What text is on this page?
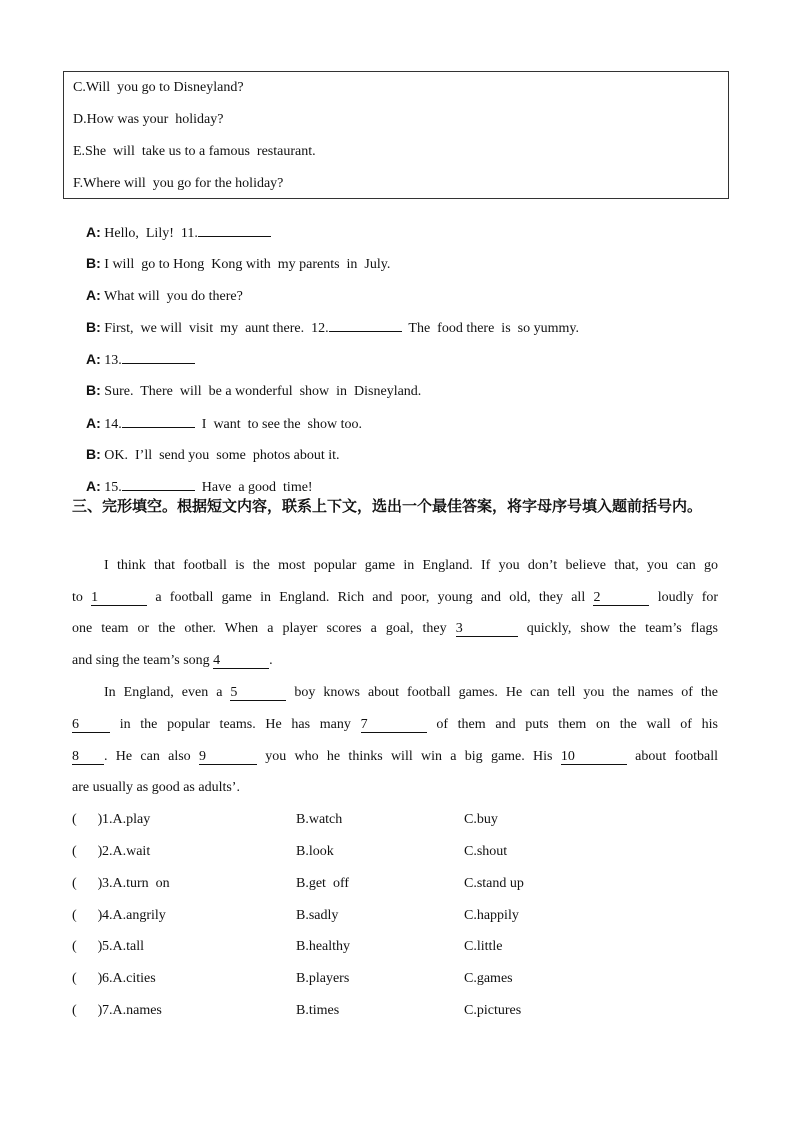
C.Will  you go to Disneyland?
D.How was your  holiday?
E.She  will  take us to a famous  restaurant.
F.Where will  you go for the holiday?

A: Hello,  Lily!  11.

B: I will  go to Hong  Kong with  my parents  in  July.

A: What will  you do there?

B: First,  we will  visit  my  aunt there.  12.	The  food there  is  so yummy.

A: 13.

B: Sure.  There  will  be a wonderful  show  in  Disneyland.

A: 14.	I  want  to see the  show too.

B: OK.  I’ll  send you  some  photos about it.

A: 15.	Have  a good  time!

三、完形填空。根据短文内容，联系上下文，选出一个最佳答案，将字母序号填入题前括号内。
I think that football is the most popular game in England. If you don’t believe that, you can go
to 1	a football game in England. Rich and poor, young and old, they all 2	loudly for
one team or the other. When a player scores a goal, they 3	quickly, show the team’s flags
and sing the team’s song 4	.
In England, even a 5	boy knows about football games. He can tell you the names of the
6	in the popular teams. He has many 7	of them and puts them on the wall of his
8 . He can also 9	you who he thinks will win a big game. His 10	about football
are usually as good as adults’.
(      ) 1.A.play	B.watch	C.buy
(      ) 2.A.wait	B.look	C.shout
(      ) 3.A.turn  on	B.get  off	C.stand up
(      ) 4.A.angrily	B.sadly	C.happily
(      ) 5.A.tall	B.healthy	C.little
(      ) 6.A.cities	B.players	C.games
(      ) 7.A.names	B.times	C.pictures
